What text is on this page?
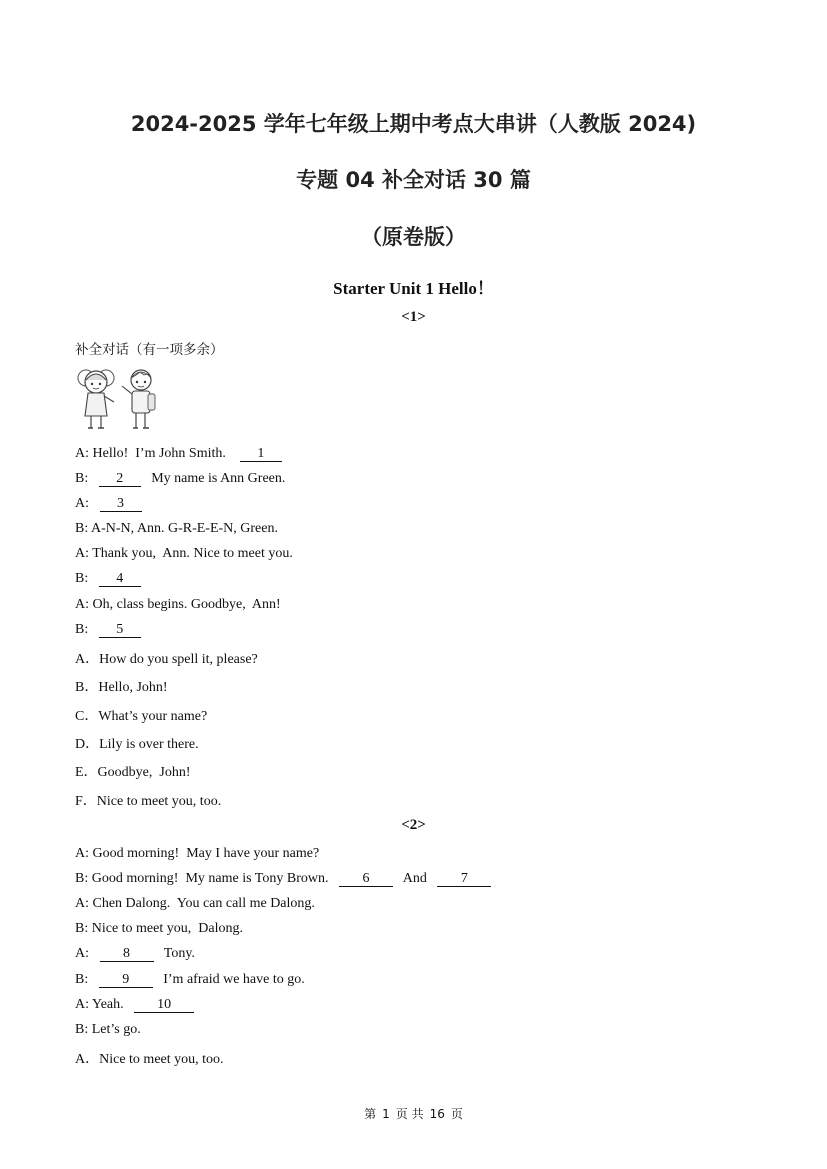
2024-2025 学年七年级上期中考点大串讲（人教版 2024)
专题 04 补全对话 30 篇
（原卷版）
Starter Unit 1 Hello！
<1>
补全对话（有一项多余）
A: Hello!  I’m John Smith. 1
B: 2 My name is Ann Green.
A: 3
B: A-N-N, Ann. G-R-E-E-N, Green.
A: Thank you,  Ann. Nice to meet you.
B: 4
A: Oh, class begins. Goodbye,  Ann!
B: 5
A．How do you spell it, please?
B．Hello, John!
C．What’s your name?
D．Lily is over there.
E．Goodbye,  John!
F．Nice to meet you, too.
<2>
A: Good morning!  May I have your name?
B: Good morning!  My name is Tony Brown. 6 And 7
A: Chen Dalong.  You can call me Dalong.
B: Nice to meet you,  Dalong.
A: 8 Tony.
B: 9 I’m afraid we have to go.
A: Yeah. 10
B: Let’s go.
A．Nice to meet you, too.
第 1 页 共 16 页
